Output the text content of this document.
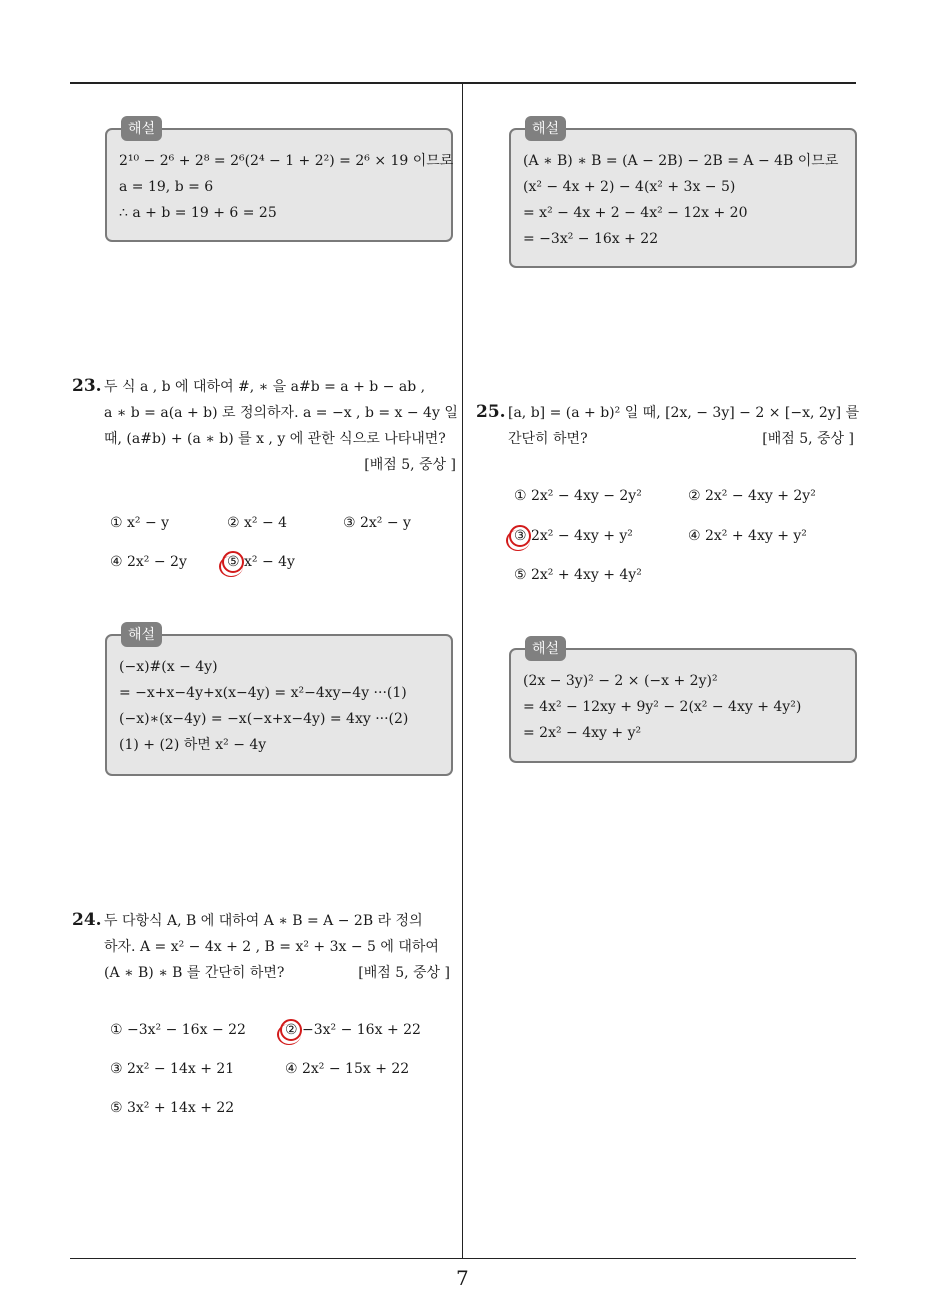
7
해설
2¹⁰ − 2⁶ + 2⁸ = 2⁶(2⁴ − 1 + 2²) = 2⁶ × 19 이므로
a = 19, b = 6
∴ a + b = 19 + 6 = 25
23. 두 식 a , b 에 대하여 #, ∗ 을 a#b = a + b − ab ,
a ∗ b = a(a + b) 로 정의하자. a = −x , b = x − 4y 일
때, (a#b) + (a ∗ b) 를 x , y 에 관한 식으로 나타내면?
[배점 5, 중상 ]
① x² − y	② x² − 4	③ 2x² − y
④ 2x² − 2y	⑤ x² − 4y
해설
(−x)#(x − 4y)
= −x+x−4y+x(x−4y) = x²−4xy−4y ···(1)
(−x)∗(x−4y) = −x(−x+x−4y) = 4xy ···(2)
(1) + (2) 하면 x² − 4y
24. 두 다항식 A, B 에 대하여 A ∗ B = A − 2B 라 정의
하자. A = x² − 4x + 2 , B = x² + 3x − 5 에 대하여
(A ∗ B) ∗ B 를 간단히 하면?	[배점 5, 중상 ]
① −3x² − 16x − 22	② −3x² − 16x + 22
③ 2x² − 14x + 21	④ 2x² − 15x + 22
⑤ 3x² + 14x + 22
해설
(A ∗ B) ∗ B = (A − 2B) − 2B = A − 4B 이므로
(x² − 4x + 2) − 4(x² + 3x − 5)
= x² − 4x + 2 − 4x² − 12x + 20
= −3x² − 16x + 22
25. [a, b] = (a + b)² 일 때, [2x, − 3y] − 2 × [−x, 2y] 를
간단히 하면?	[배점 5, 중상 ]
① 2x² − 4xy − 2y²	② 2x² − 4xy + 2y²
③ 2x² − 4xy + y²	④ 2x² + 4xy + y²
⑤ 2x² + 4xy + 4y²
해설
(2x − 3y)² − 2 × (−x + 2y)²
= 4x² − 12xy + 9y² − 2(x² − 4xy + 4y²)
= 2x² − 4xy + y²
